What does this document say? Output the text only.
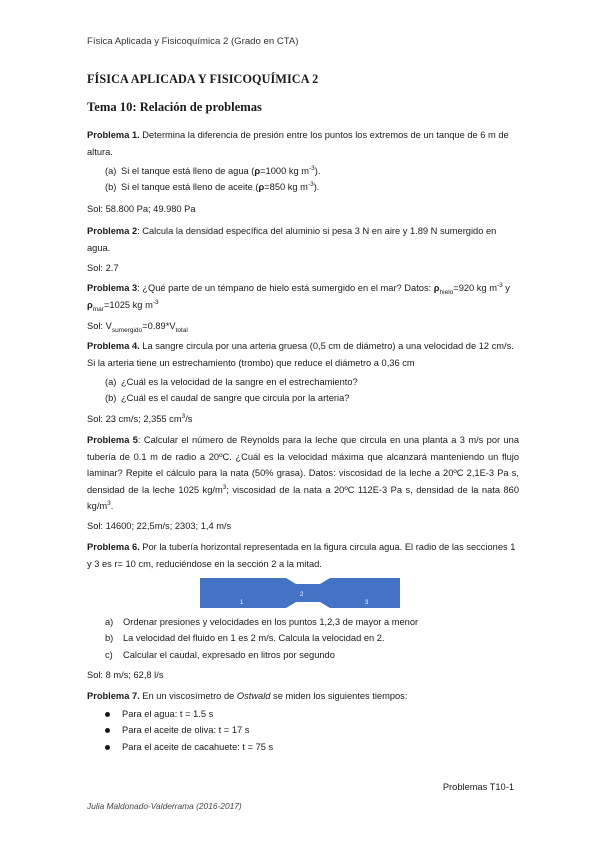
Física Aplicada y Fisicoquímica 2 (Grado en CTA)
FÍSICA APLICADA Y FISICOQUÍMICA 2
Tema 10: Relación de problemas
Problema 1. Determina la diferencia de presión entre los puntos los extremos de un tanque de 6 m de altura.
(a) Si el tanque está lleno de agua (ρ=1000 kg $m^{-3}$).
(b) Si el tanque está lleno de aceite (ρ=850 kg $m^{-3}$).
Sol: 58.800 Pa; 49.980 Pa
Problema 2: Calcula la densidad específica del aluminio si pesa 3 N en aire y 1.89 N sumergido en agua.
Sol: 2.7
Problema 3: ¿Qué parte de un témpano de hielo está sumergido en el mar? Datos: $\rho_{hielo}=920$ kg $m^{-3}$ y $\rho_{mar}=1025$ kg $m^{-3}$
Sol: $V_{sumergido}=0.89*V_{total}$
Problema 4. La sangre circula por una arteria gruesa (0,5 cm de diámetro) a una velocidad de 12 cm/s. Si la arteria tiene un estrechamiento (trombo) que reduce el diámetro a 0,36 cm
(a) ¿Cuál es la velocidad de la sangre en el estrechamiento?
(b) ¿Cuál es el caudal de sangre que circula por la arteria?
Sol: 23 cm/s; 2,355 $cm^3/s$
Problema 5: Calcular el número de Reynolds para la leche que circula en una planta a 3 m/s por una tubería de 0.1 m de radio a 20ºC. ¿Cuál es la velocidad máxima que alcanzará manteniendo un flujo laminar? Repite el cálculo para la nata (50% grasa). Datos: viscosidad de la leche a 20ºC 2,1E-3 Pa s, densidad de la leche 1025 $kg/m^3$; viscosidad de la nata a 20ºC 112E-3 Pa s, densidad de la nata 860 $kg/m^3$.
Sol: 14600; 22,5m/s; 2303; 1,4 m/s
Problema 6. Por la tubería horizontal representada en la figura circula agua. El radio de las secciones 1 y 3 es r= 10 cm, reduciéndose en la sección 2 a la mitad.
1
2
3
a) Ordenar presiones y velocidades en los puntos 1,2,3 de mayor a menor
b) La velocidad del fluido en 1 es 2 m/s. Calcula la velocidad en 2.
c) Calcular el caudal, expresado en litros por segundo
Sol: 8 m/s; 62,8 l/s
Problema 7. En un viscosímetro de Ostwald se miden los siguientes tiempos:
Para el agua: t = 1.5 s
Para el aceite de oliva: t = 17 s
Para el aceite de cacahuete: t = 75 s
Problemas T10-1
Julia Maldonado-Valderrama (2016-2017)
